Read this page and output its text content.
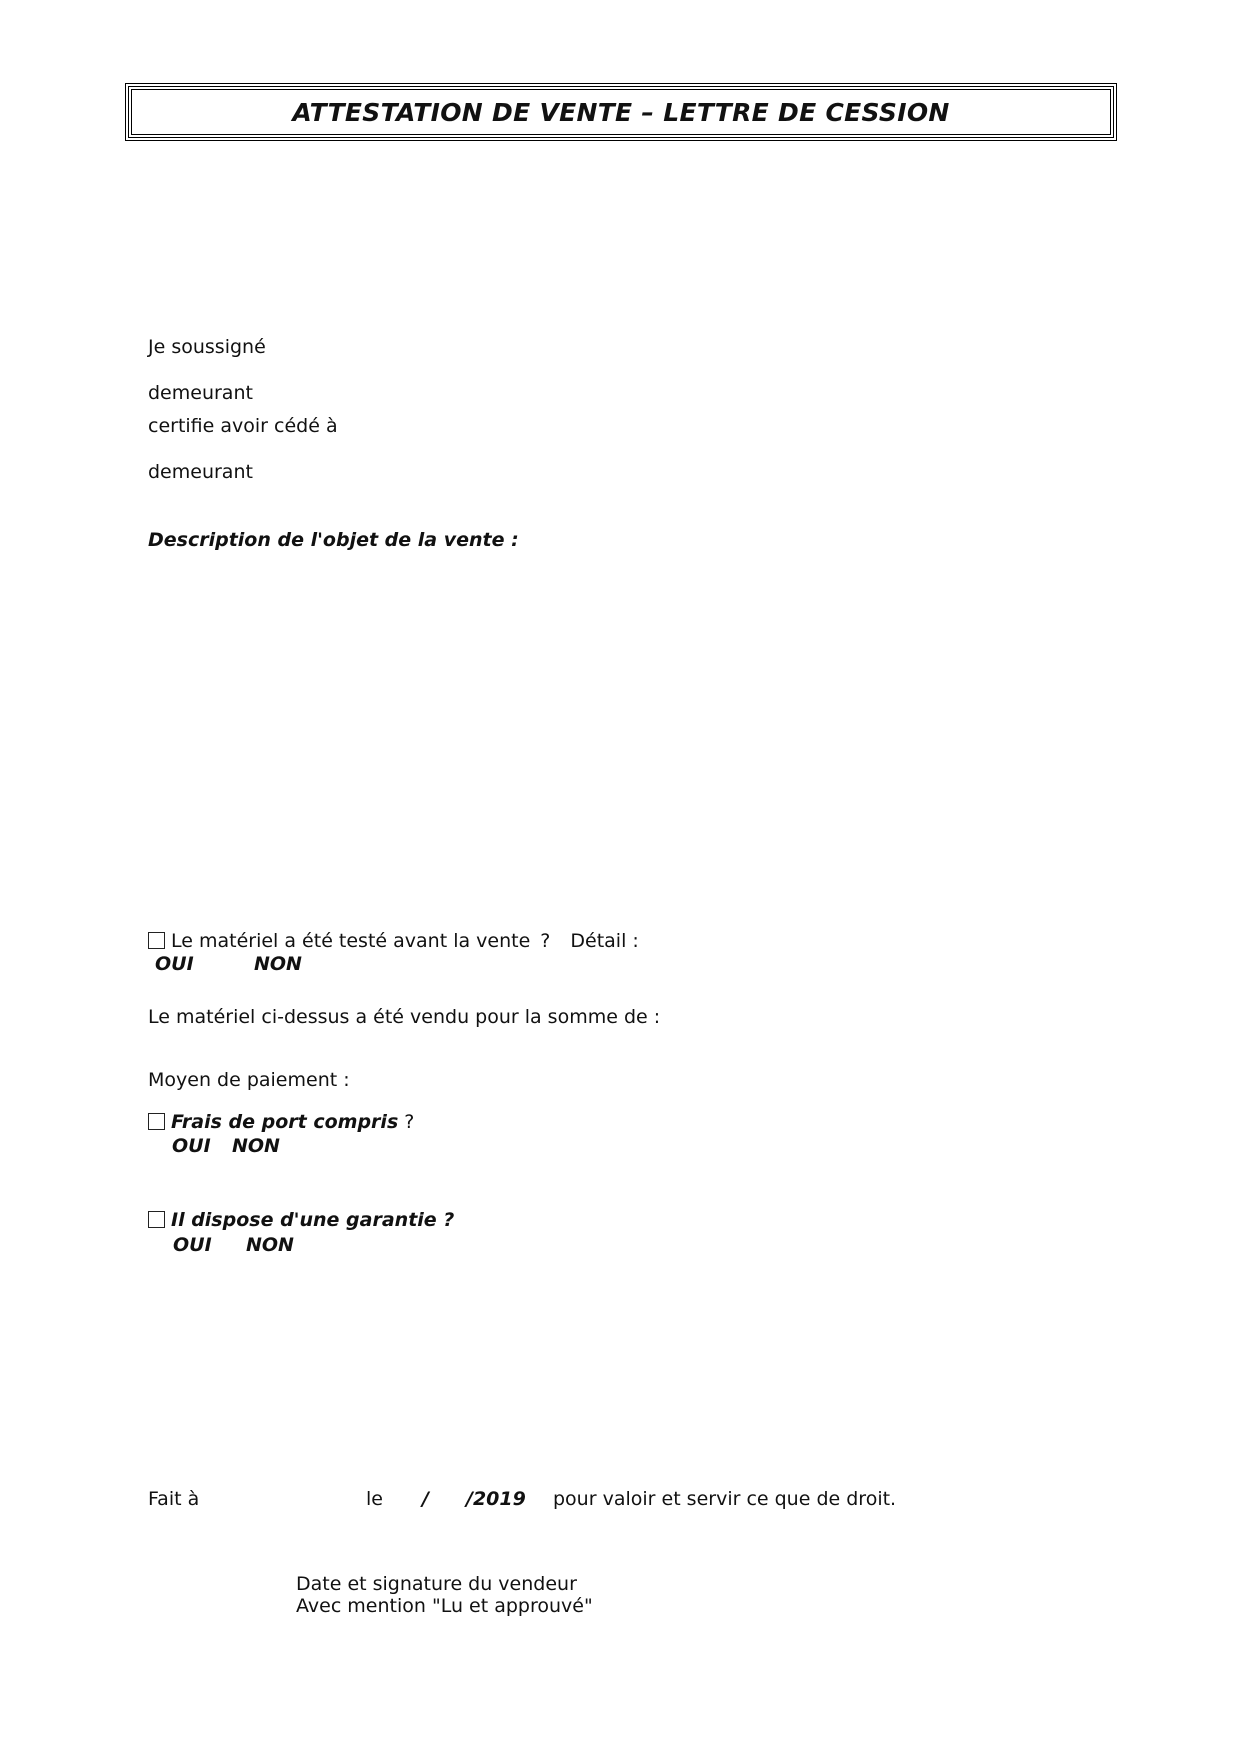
ATTESTATION DE VENTE – LETTRE DE CESSION
Je soussigné
demeurant
certifie avoir cédé à
demeurant
Description de l'objet de la vente :
Le matériel a été testé avant la vente ? Détail :
OUI	NON
Le matériel ci-dessus a été vendu pour la somme de :
Moyen de paiement :
Frais de port compris ?
OUI NON
Il dispose d'une garantie ?
OUI NON
Fait à	le / /2019 pour valoir et servir ce que de droit.
Date et signature du vendeur
Avec mention "Lu et approuvé"
